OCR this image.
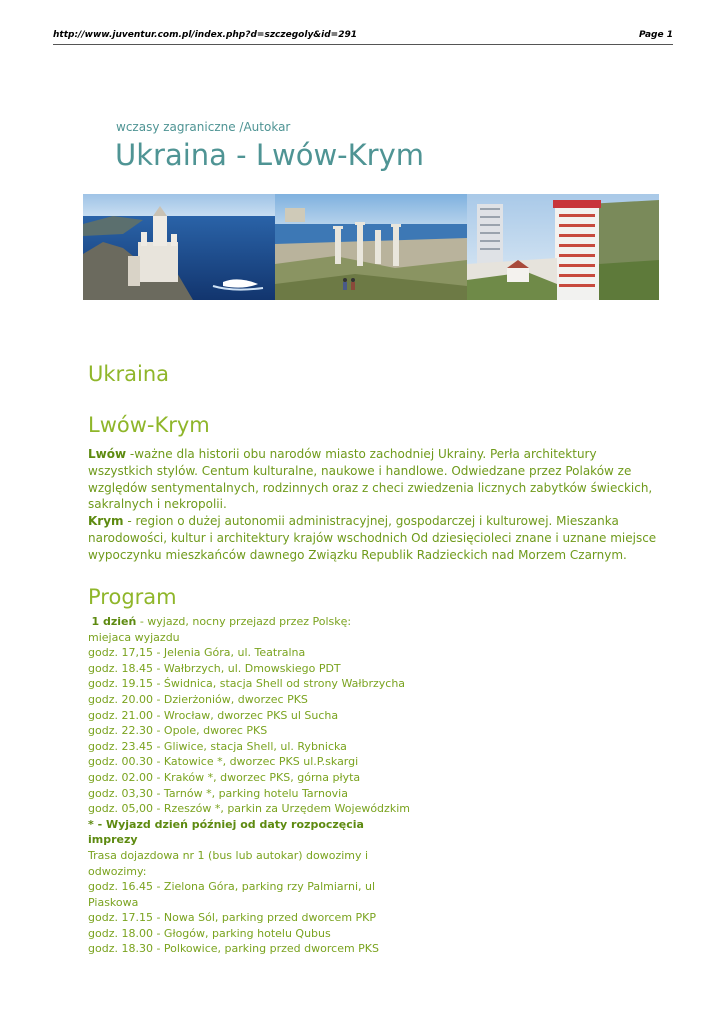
http://www.juventur.com.pl/index.php?d=szczegoly&id=291	Page 1
wczasy zagraniczne /Autokar
Ukraina - Lwów-Krym
Ukraina
Lwów-Krym
Lwów -ważne dla historii obu narodów miasto zachodniej Ukrainy. Perła architektury
wszystkich stylów. Centum kulturalne, naukowe i handlowe. Odwiedzane przez Polaków ze względów sentymentalnych, rodzinnych oraz z checi zwiedzenia licznych zabytków świeckich, sakralnych i nekropolii.
Krym - region o dużej autonomii administracyjnej, gospodarczej i kulturowej. Mieszanka narodowości, kultur i architektury krajów wschodnich Od dziesięcioleci znane i uznane miejsce wypoczynku mieszkańców dawnego Związku Republik Radzieckich nad Morzem Czarnym.
Program
1 dzień - wyjazd, nocny przejazd przez Polskę:
miejaca wyjazdu
godz. 17,15 - Jelenia Góra, ul. Teatralna
godz. 18.45 - Wałbrzych, ul. Dmowskiego PDT
godz. 19.15 - Świdnica, stacja Shell od strony Wałbrzycha
godz. 20.00 - Dzierżoniów, dworzec PKS
godz. 21.00 - Wrocław, dworzec PKS ul Sucha
godz. 22.30 - Opole, dworec PKS
godz. 23.45 - Gliwice, stacja Shell, ul. Rybnicka
godz. 00.30 - Katowice *, dworzec PKS ul.P.skargi
godz. 02.00 - Kraków *, dworzec PKS, górna płyta
godz. 03,30 - Tarnów *, parking hotelu Tarnovia
godz. 05,00 - Rzeszów *, parkin za Urzędem Wojewódzkim
* - Wyjazd dzień później od daty rozpoczęcia
imprezy
Trasa dojazdowa nr 1 (bus lub autokar) dowozimy i
odwozimy:
godz. 16.45 - Zielona Góra, parking rzy Palmiarni, ul
Piaskowa
godz. 17.15 - Nowa Sól, parking przed dworcem PKP
godz. 18.00 - Głogów, parking hotelu Qubus
godz. 18.30 - Polkowice, parking przed dworcem PKS
